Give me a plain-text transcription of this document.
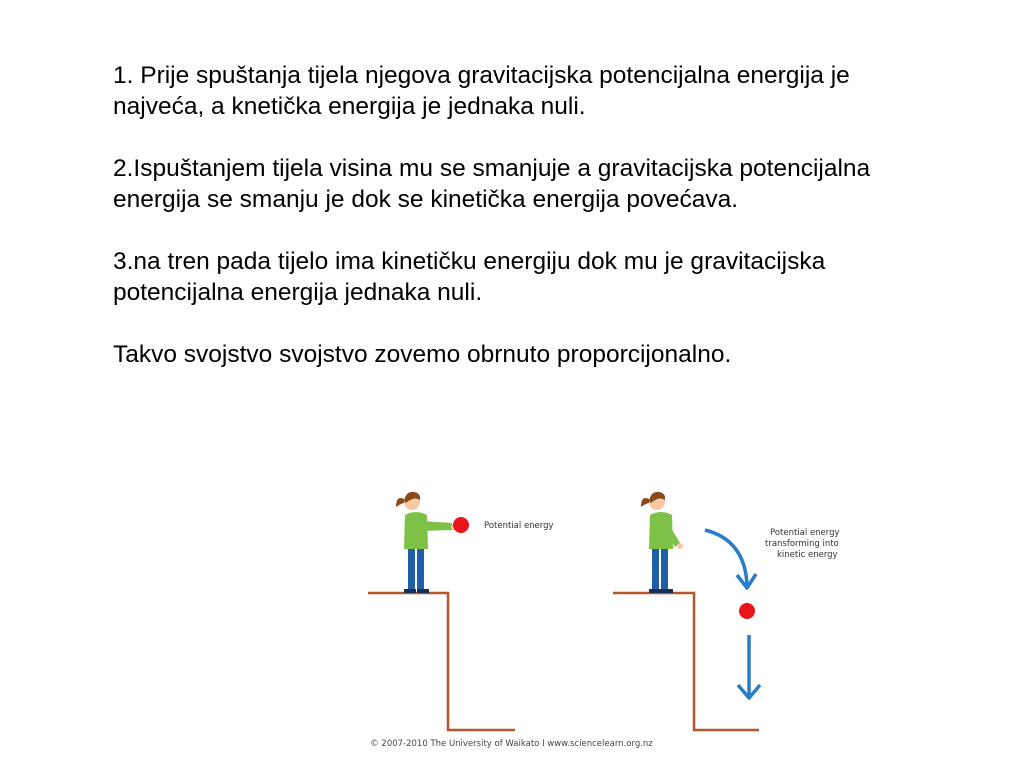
1. Prije spuštanja tijela njegova gravitacijska potencijalna energija je najveća, a knetička energija je jednaka nuli.

2.Ispuštanjem tijela visina mu se smanjuje a gravitacijska potencijalna energija se smanju je dok se kinetička energija povećava.

3.na tren pada tijelo ima kinetičku energiju dok mu je gravitacijska potencijalna energija jednaka nuli.

Takvo svojstvo svojstvo zovemo obrnuto proporcijonalno.

Potential energy
Potential energy
transforming into
kinetic energy
© 2007-2010 The University of Waikato I www.sciencelearn.org.nz
